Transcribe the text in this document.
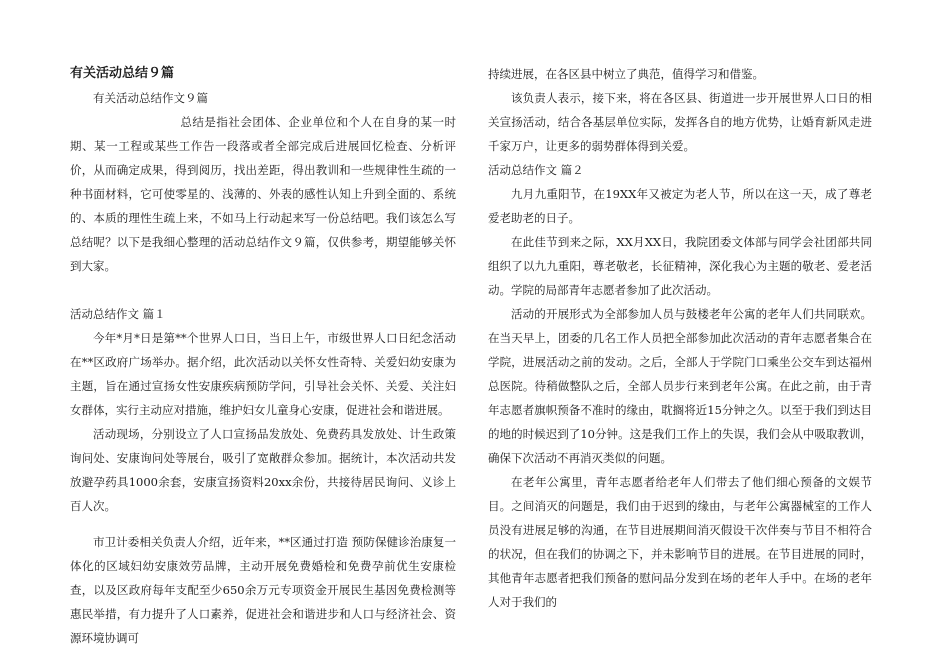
有关活动总结９篇

有关活动总结作文９篇

总结是指社会团体、企业单位和个人在自身的某一时期、某一工程或某些工作告一段落或者全部完成后进展回忆检查、分析评价，从而确定成果，得到阅历，找出差距，得出教训和一些规律性生疏的一种书面材料，它可使零星的、浅薄的、外表的感性认知上升到全面的、系统的、本质的理性生疏上来，不如马上行动起来写一份总结吧。我们该怎么写总结呢？以下是我细心整理的活动总结作文９篇，仅供参考，期望能够关怀到大家。

活动总结作文 篇１

今年*月*日是第**个世界人口日，当日上午，市级世界人口日纪念活动在**区政府广场举办。据介绍，此次活动以关怀女性奇特、关爱妇幼安康为主题，旨在通过宣扬女性安康疾病预防学问，引导社会关怀、关爱、关注妇女群体，实行主动应对措施，维护妇女儿童身心安康，促进社会和谐进展。

活动现场，分别设立了人口宣扬品发放处、免费药具发放处、计生政策询问处、安康询问处等展台，吸引了宽敞群众参加。据统计，本次活动共发放避孕药具1000余套，安康宣扬资料20xx余份，共接待居民询问、义诊上百人次。

市卫计委相关负责人介绍，近年来，**区通过打造 预防保健诊治康复一体化的区域妇幼安康效劳品牌，主动开展免费婚检和免费孕前优生安康检查，以及区政府每年支配至少650余万元专项资金开展民生基因免费检测等惠民举措，有力提升了人口素养，促进社会和谐进步和人口与经济社会、资源环境协调可

持续进展，在各区县中树立了典范，值得学习和借鉴。

该负责人表示，接下来，将在各区县、街道进一步开展世界人口日的相关宣扬活动，结合各基层单位实际，发挥各自的地方优势，让婚育新风走进千家万户，让更多的弱势群体得到关爱。

活动总结作文 篇２

九月九重阳节，在19XX年又被定为老人节，所以在这一天，成了尊老爱老助老的日子。

在此佳节到来之际，XX月XX日，我院团委文体部与同学会社团部共同组织了以九九重阳，尊老敬老，长征精神，深化我心为主题的敬老、爱老活动。学院的局部青年志愿者参加了此次活动。

活动的开展形式为全部参加人员与鼓楼老年公寓的老年人们共同联欢。在当天早上，团委的几名工作人员把全部参加此次活动的青年志愿者集合在学院，进展活动之前的发动。之后，全部人于学院门口乘坐公交车到达福州总医院。待稍做整队之后，全部人员步行来到老年公寓。在此之前，由于青年志愿者旗帜预备不准时的缘由，耽搁将近15分钟之久。以至于我们到达目的地的时候迟到了10分钟。这是我们工作上的失误，我们会从中吸取教训，确保下次活动不再消灭类似的问题。

在老年公寓里，青年志愿者给老年人们带去了他们细心预备的文娱节目。之间消灭的问题是，我们由于迟到的缘由，与老年公寓器械室的工作人员没有进展足够的沟通，在节目进展期间消灭假设干次伴奏与节目不相符合的状况，但在我们的协调之下，并未影响节目的进展。在节目进展的同时，其他青年志愿者把我们预备的慰问品分发到在场的老年人手中。在场的老年人对于我们的
